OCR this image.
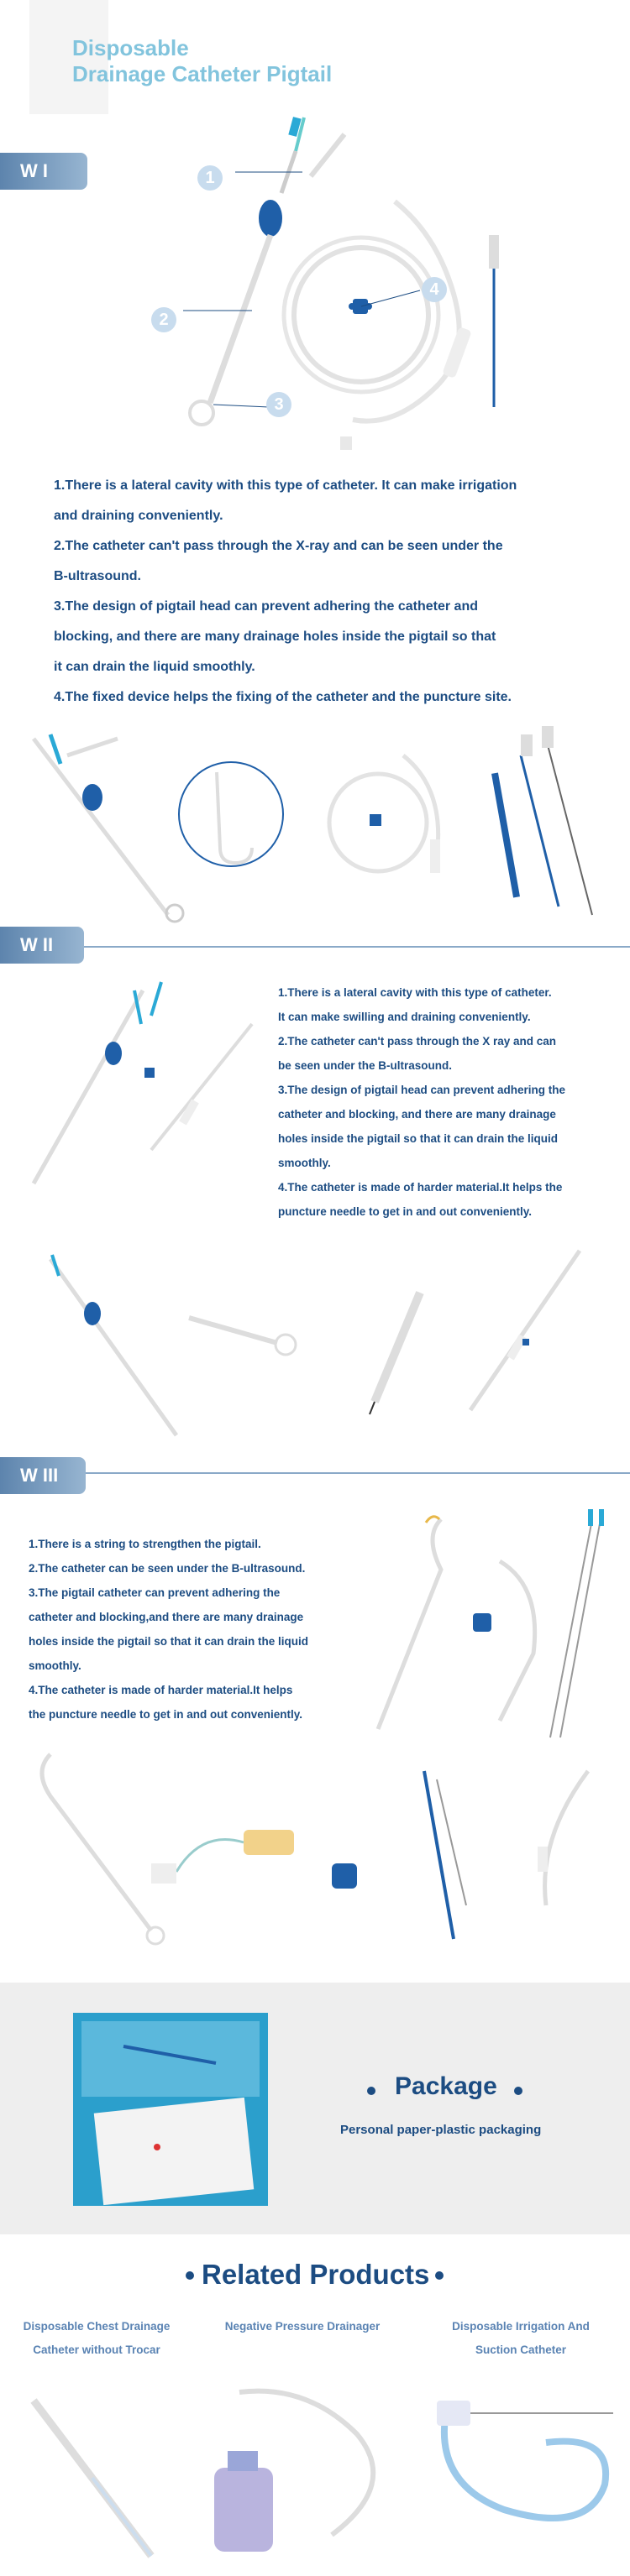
Disposable
Drainage Catheter Pigtail
W I	1
2
3
4
1.There is a lateral cavity with this type of catheter. It can make irrigation
and draining conveniently.
2.The catheter can't pass through the X-ray and can be seen under the
B-ultrasound.
3.The design of pigtail head can prevent adhering the catheter and
blocking, and there are many drainage holes inside the pigtail so that
it can drain the liquid smoothly.
4.The fixed device helps the fixing of the catheter and the puncture site.
W II
1.There is a lateral cavity with this type of catheter.
It can make swilling and draining conveniently.
2.The catheter can't pass through the X ray and can
be seen under the B-ultrasound.
3.The design of pigtail head can prevent adhering the
catheter and blocking, and there are many drainage
holes inside the pigtail so that it can drain the liquid
smoothly.
4.The catheter is made of harder material.It helps the
puncture needle to get in and out conveniently.
W III
1.There is a string to strengthen the pigtail.
2.The catheter can be seen under the B-ultrasound.
3.The pigtail catheter can prevent adhering the
catheter and blocking,and there are many drainage
holes inside the pigtail so that it can drain the liquid
smoothly.
4.The catheter is made of harder material.It helps
the puncture needle to get in and out conveniently.
Package
Personal paper-plastic packaging
Related Products
Disposable Chest Drainage
Catheter without Trocar
Negative Pressure Drainager	Disposable Irrigation And
Suction Catheter
